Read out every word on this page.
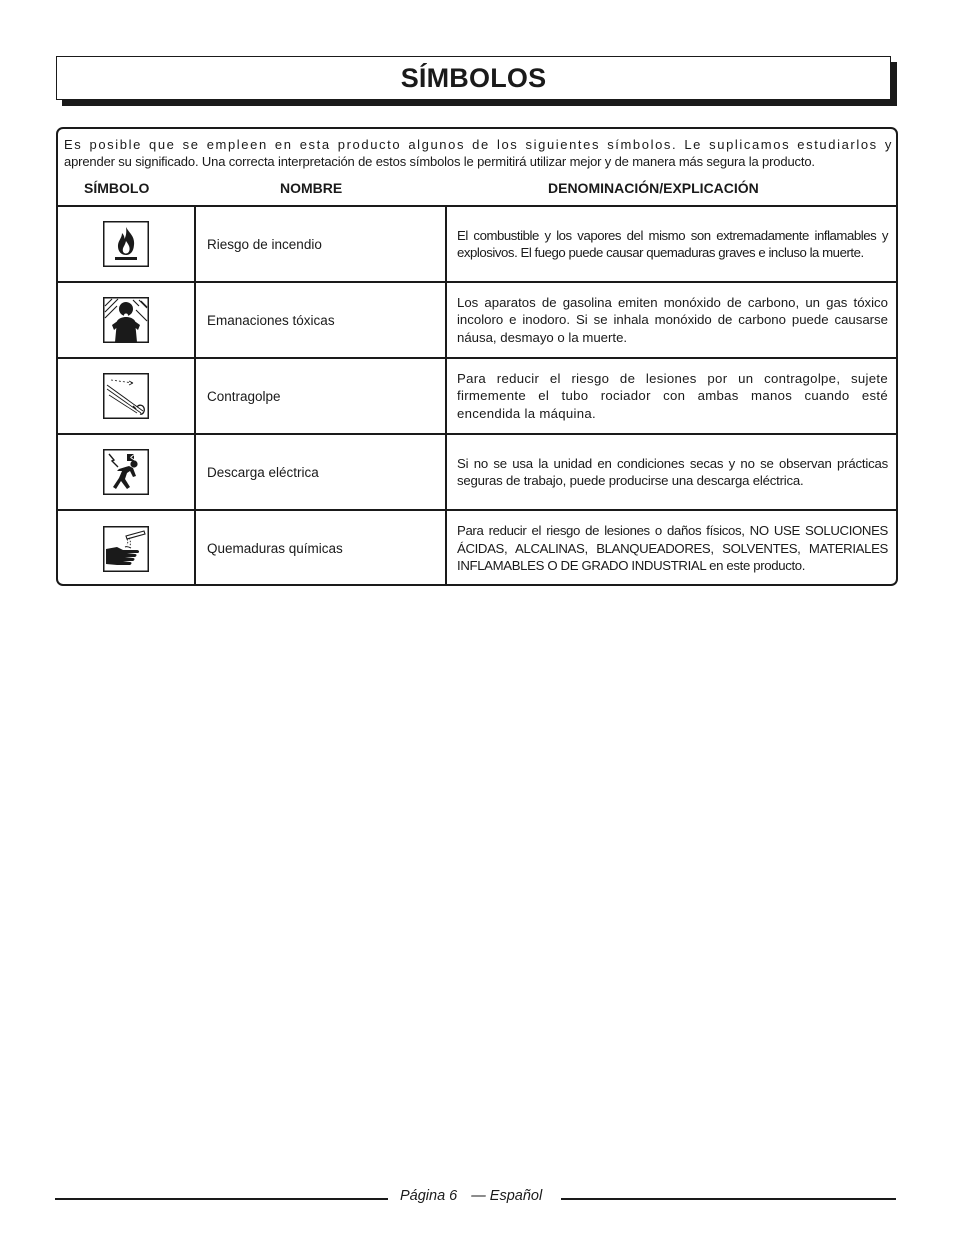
SÍMBOLOS

Es posible que se empleen en esta producto algunos de los siguientes símbolos. Le suplicamos estudiarlos y

aprender su significado. Una correcta interpretación de estos símbolos le permitirá utilizar mejor y de manera más segura la producto.

SÍMBOLO	NOMBRE	DENOMINACIÓN/EXPLICACIÓN
Riesgo de incendio

El combustible y los vapores del mismo son extremadamente inflamables y explosivos. El fuego puede causar quemaduras graves e incluso la muerte.

Emanaciones tóxicas

Los aparatos de gasolina emiten monóxido de carbono, un gas tóxico incoloro e inodoro. Si se inhala monóxido de carbono puede causarse náusa, desmayo o la muerte.

Contragolpe

Para reducir el riesgo de lesiones por un contragolpe, sujete firmemente el tubo rociador con ambas manos cuando esté encendida la máquina.

Descarga eléctrica

Si no se usa la unidad en condiciones secas y no se observan prácticas seguras de trabajo, puede producirse una descarga eléctrica.

Quemaduras químicas

Para reducir el riesgo de lesiones o daños físicos, NO USE SOLUCIONES ÁCIDAS, ALCALINAS, BLANQUEADORES, SOLVENTES, MATERIALES INFLAMABLES O DE GRADO INDUSTRIAL en este producto.

Página 6 — Español
